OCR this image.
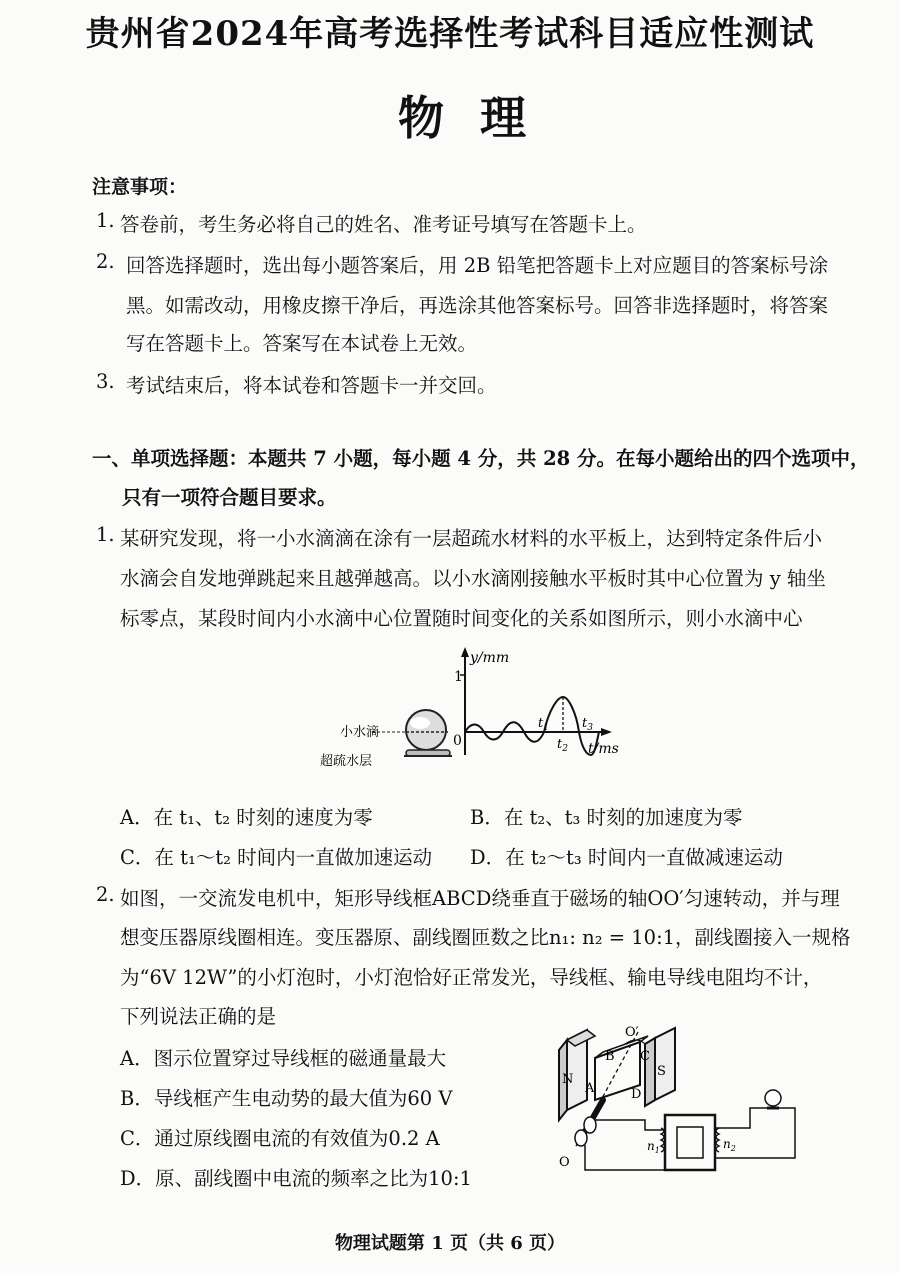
贵州省2024年高考选择性考试科目适应性测试
物理
注意事项：
1. 答卷前，考生务必将自己的姓名、准考证号填写在答题卡上。
2. 回答选择题时，选出每小题答案后，用 2B 铅笔把答题卡上对应题目的答案标号涂
黑。如需改动，用橡皮擦干净后，再选涂其他答案标号。回答非选择题时，将答案
写在答题卡上。答案写在本试卷上无效。
3. 考试结束后，将本试卷和答题卡一并交回。
一、单项选择题：本题共 7 小题，每小题 4 分，共 28 分。在每小题给出的四个选项中，
只有一项符合题目要求。
1. 某研究发现，将一小水滴滴在涂有一层超疏水材料的水平板上，达到特定条件后小
水滴会自发地弹跳起来且越弹越高。以小水滴刚接触水平板时其中心位置为 y 轴坐
标零点，某段时间内小水滴中心位置随时间变化的关系如图所示，则小水滴中心
小水滴
超疏水层
1
0
y/mm
t/ms
$t_1$
$t_2$
$t_3$
A．在 t₁、t₂ 时刻的速度为零	B．在 t₂、t₃ 时刻的加速度为零
C．在 t₁～t₂ 时间内一直做加速运动 D．在 t₂～t₃ 时间内一直做减速运动
2. 如图，一交流发电机中，矩形导线框ABCD绕垂直于磁场的轴OO′匀速转动，并与理
想变压器原线圈相连。变压器原、副线圈匝数之比n₁: n₂ = 10:1，副线圈接入一规格
为“6V 12W”的小灯泡时，小灯泡恰好正常发光，导线框、输电导线电阻均不计，
下列说法正确的是
A．图示位置穿过导线框的磁通量最大
B．导线框产生电动势的最大值为60 V
C．通过原线圈电流的有效值为0.2 A
D．原、副线圈中电流的频率之比为10:1
N
S
B C
A	D
O′
O
$n_1$	$n_2$
物理试题第 1 页（共 6 页）
